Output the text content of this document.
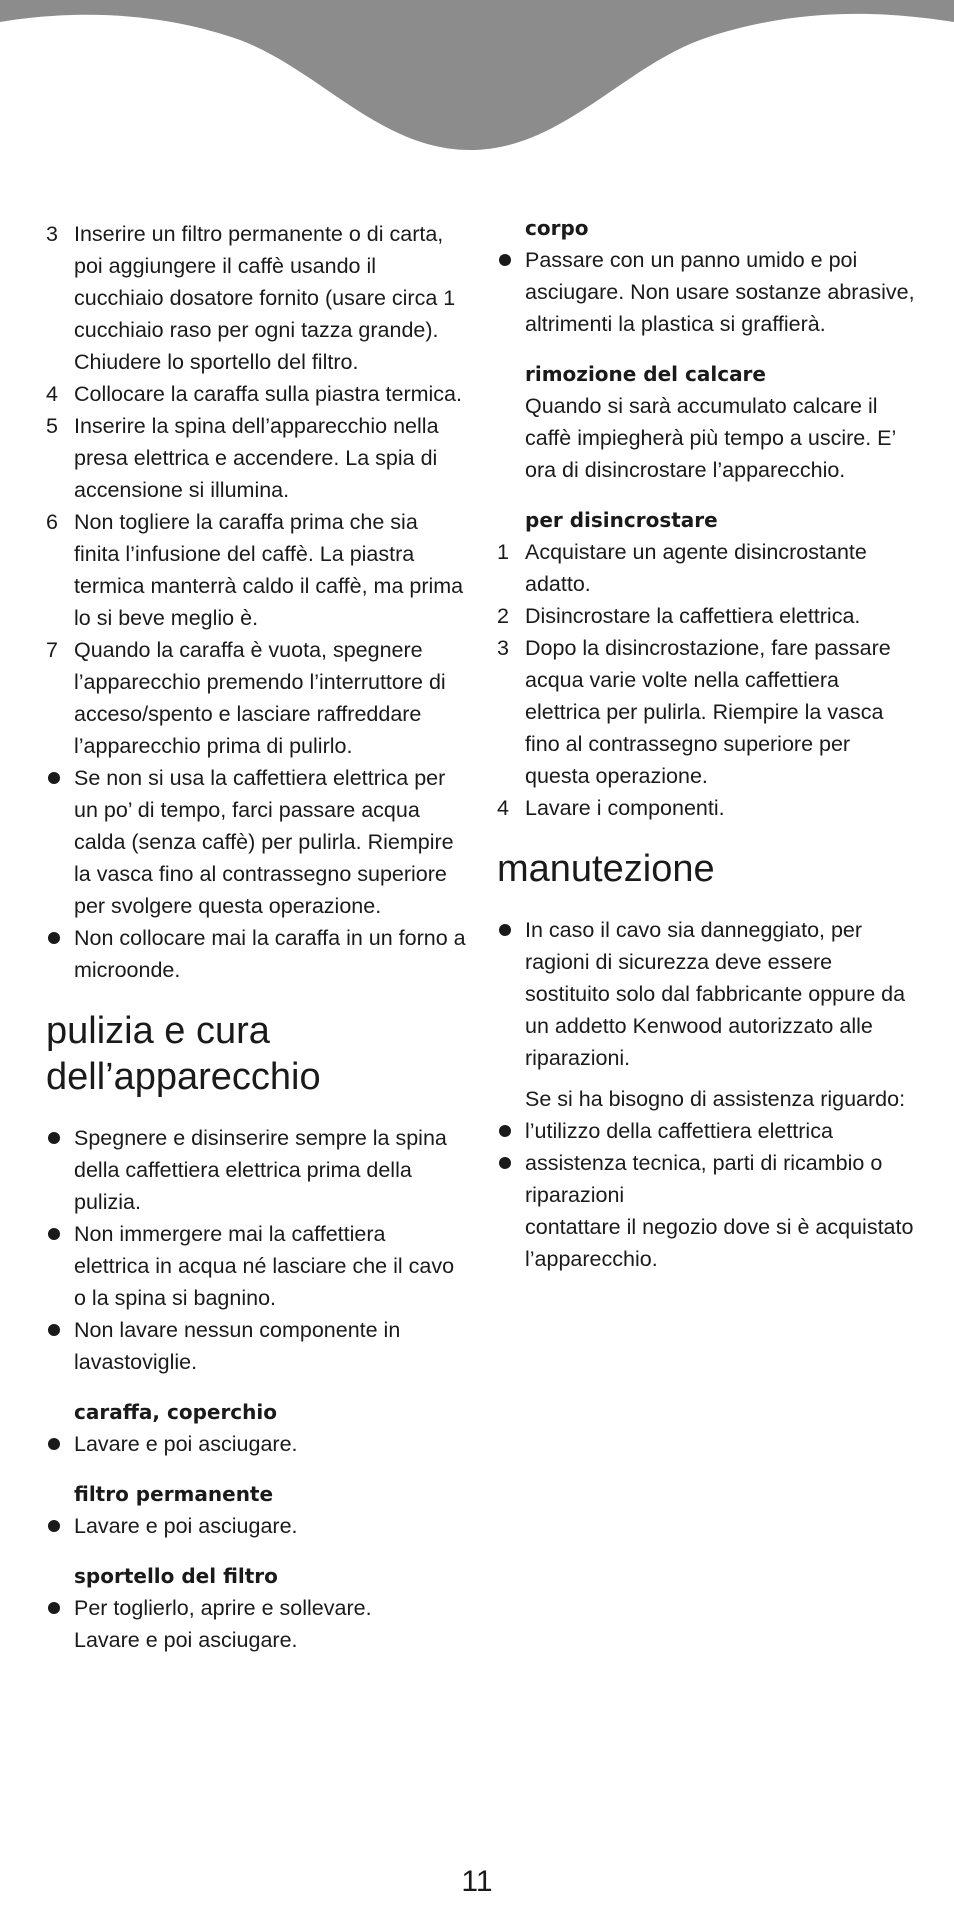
3 Inserire un filtro permanente o di carta, poi aggiungere il caffè usando il cucchiaio dosatore fornito (usare circa 1 cucchiaio raso per ogni tazza grande). Chiudere lo sportello del filtro.
4 Collocare la caraffa sulla piastra termica.
5 Inserire la spina dell’apparecchio nella presa elettrica e accendere. La spia di accensione si illumina.
6 Non togliere la caraffa prima che sia finita l’infusione del caffè. La piastra termica manterrà caldo il caffè, ma prima lo si beve meglio è.
7 Quando la caraffa è vuota, spegnere l’apparecchio premendo l’interruttore di acceso/spento e lasciare raffreddare l’apparecchio prima di pulirlo.
Se non si usa la caffettiera elettrica per un po’ di tempo, farci passare acqua calda (senza caffè) per pulirla. Riempire la vasca fino al contrassegno superiore per svolgere questa operazione.
Non collocare mai la caraffa in un forno a microonde.
pulizia e cura
dell’apparecchio
Spegnere e disinserire sempre la spina della caffettiera elettrica prima della pulizia.
Non immergere mai la caffettiera elettrica in acqua né lasciare che il cavo o la spina si bagnino.
Non lavare nessun componente in lavastoviglie.
caraffa, coperchio
Lavare e poi asciugare.
filtro permanente
Lavare e poi asciugare.
sportello del filtro
Per toglierlo, aprire e sollevare.
Lavare e poi asciugare.
corpo
Passare con un panno umido e poi asciugare. Non usare sostanze abrasive, altrimenti la plastica si graffierà.
rimozione del calcare
Quando si sarà accumulato calcare il caffè impiegherà più tempo a uscire. E’ ora di disincrostare l’apparecchio.
per disincrostare
1 Acquistare un agente disincrostante adatto.
2 Disincrostare la caffettiera elettrica.
3 Dopo la disincrostazione, fare passare acqua varie volte nella caffettiera elettrica per pulirla. Riempire la vasca fino al contrassegno superiore per questa operazione.
4 Lavare i componenti.
manutezione
In caso il cavo sia danneggiato, per ragioni di sicurezza deve essere sostituito solo dal fabbricante oppure da un addetto Kenwood autorizzato alle riparazioni.
Se si ha bisogno di assistenza riguardo:
l’utilizzo della caffettiera elettrica
assistenza tecnica, parti di ricambio o riparazioni
contattare il negozio dove si è acquistato l’apparecchio.
11
